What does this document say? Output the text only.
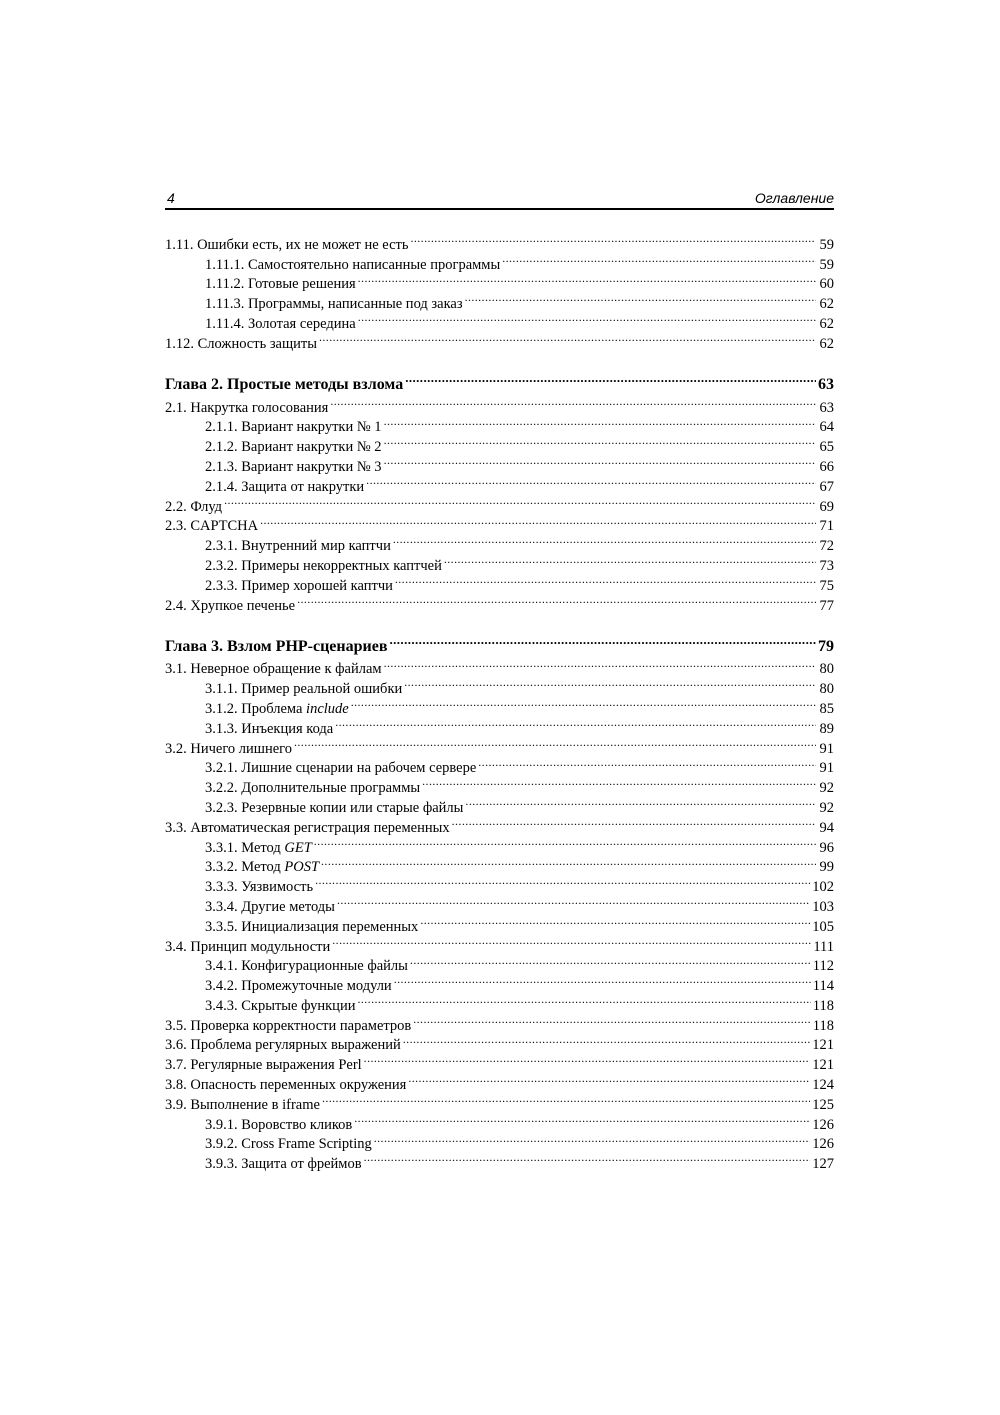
4	Оглавление
1.11. Ошибки есть, их не может не есть .....	59
1.11.1. Самостоятельно написанные программы .....	59
1.11.2. Готовые решения .....	60
1.11.3. Программы, написанные под заказ .....	62
1.11.4. Золотая середина .....	62
1.12. Сложность защиты .....	62
Глава 2. Простые методы взлома .....	63
2.1. Накрутка голосования .....	63
2.1.1. Вариант накрутки № 1 .....	64
2.1.2. Вариант накрутки № 2 .....	65
2.1.3. Вариант накрутки № 3 .....	66
2.1.4. Защита от накрутки .....	67
2.2. Флуд .....	69
2.3. CAPTCHA .....	71
2.3.1. Внутренний мир каптчи .....	72
2.3.2. Примеры некорректных каптчей .....	73
2.3.3. Пример хорошей каптчи .....	75
2.4. Хрупкое печенье .....	77
Глава 3. Взлом PHP-сценариев .....	79
3.1. Неверное обращение к файлам .....	80
3.1.1. Пример реальной ошибки .....	80
3.1.2. Проблема include .....	85
3.1.3. Инъекция кода .....	89
3.2. Ничего лишнего .....	91
3.2.1. Лишние сценарии на рабочем сервере .....	91
3.2.2. Дополнительные программы .....	92
3.2.3. Резервные копии или старые файлы .....	92
3.3. Автоматическая регистрация переменных .....	94
3.3.1. Метод GET .....	96
3.3.2. Метод POST .....	99
3.3.3. Уязвимость .....	102
3.3.4. Другие методы .....	103
3.3.5. Инициализация переменных .....	105
3.4. Принцип модульности .....	111
3.4.1. Конфигурационные файлы .....	112
3.4.2. Промежуточные модули .....	114
3.4.3. Скрытые функции .....	118
3.5. Проверка корректности параметров .....	118
3.6. Проблема регулярных выражений .....	121
3.7. Регулярные выражения Perl .....	121
3.8. Опасность переменных окружения .....	124
3.9. Выполнение в iframe .....	125
3.9.1. Воровство кликов .....	126
3.9.2. Cross Frame Scripting .....	126
3.9.3. Защита от фреймов .....	127
